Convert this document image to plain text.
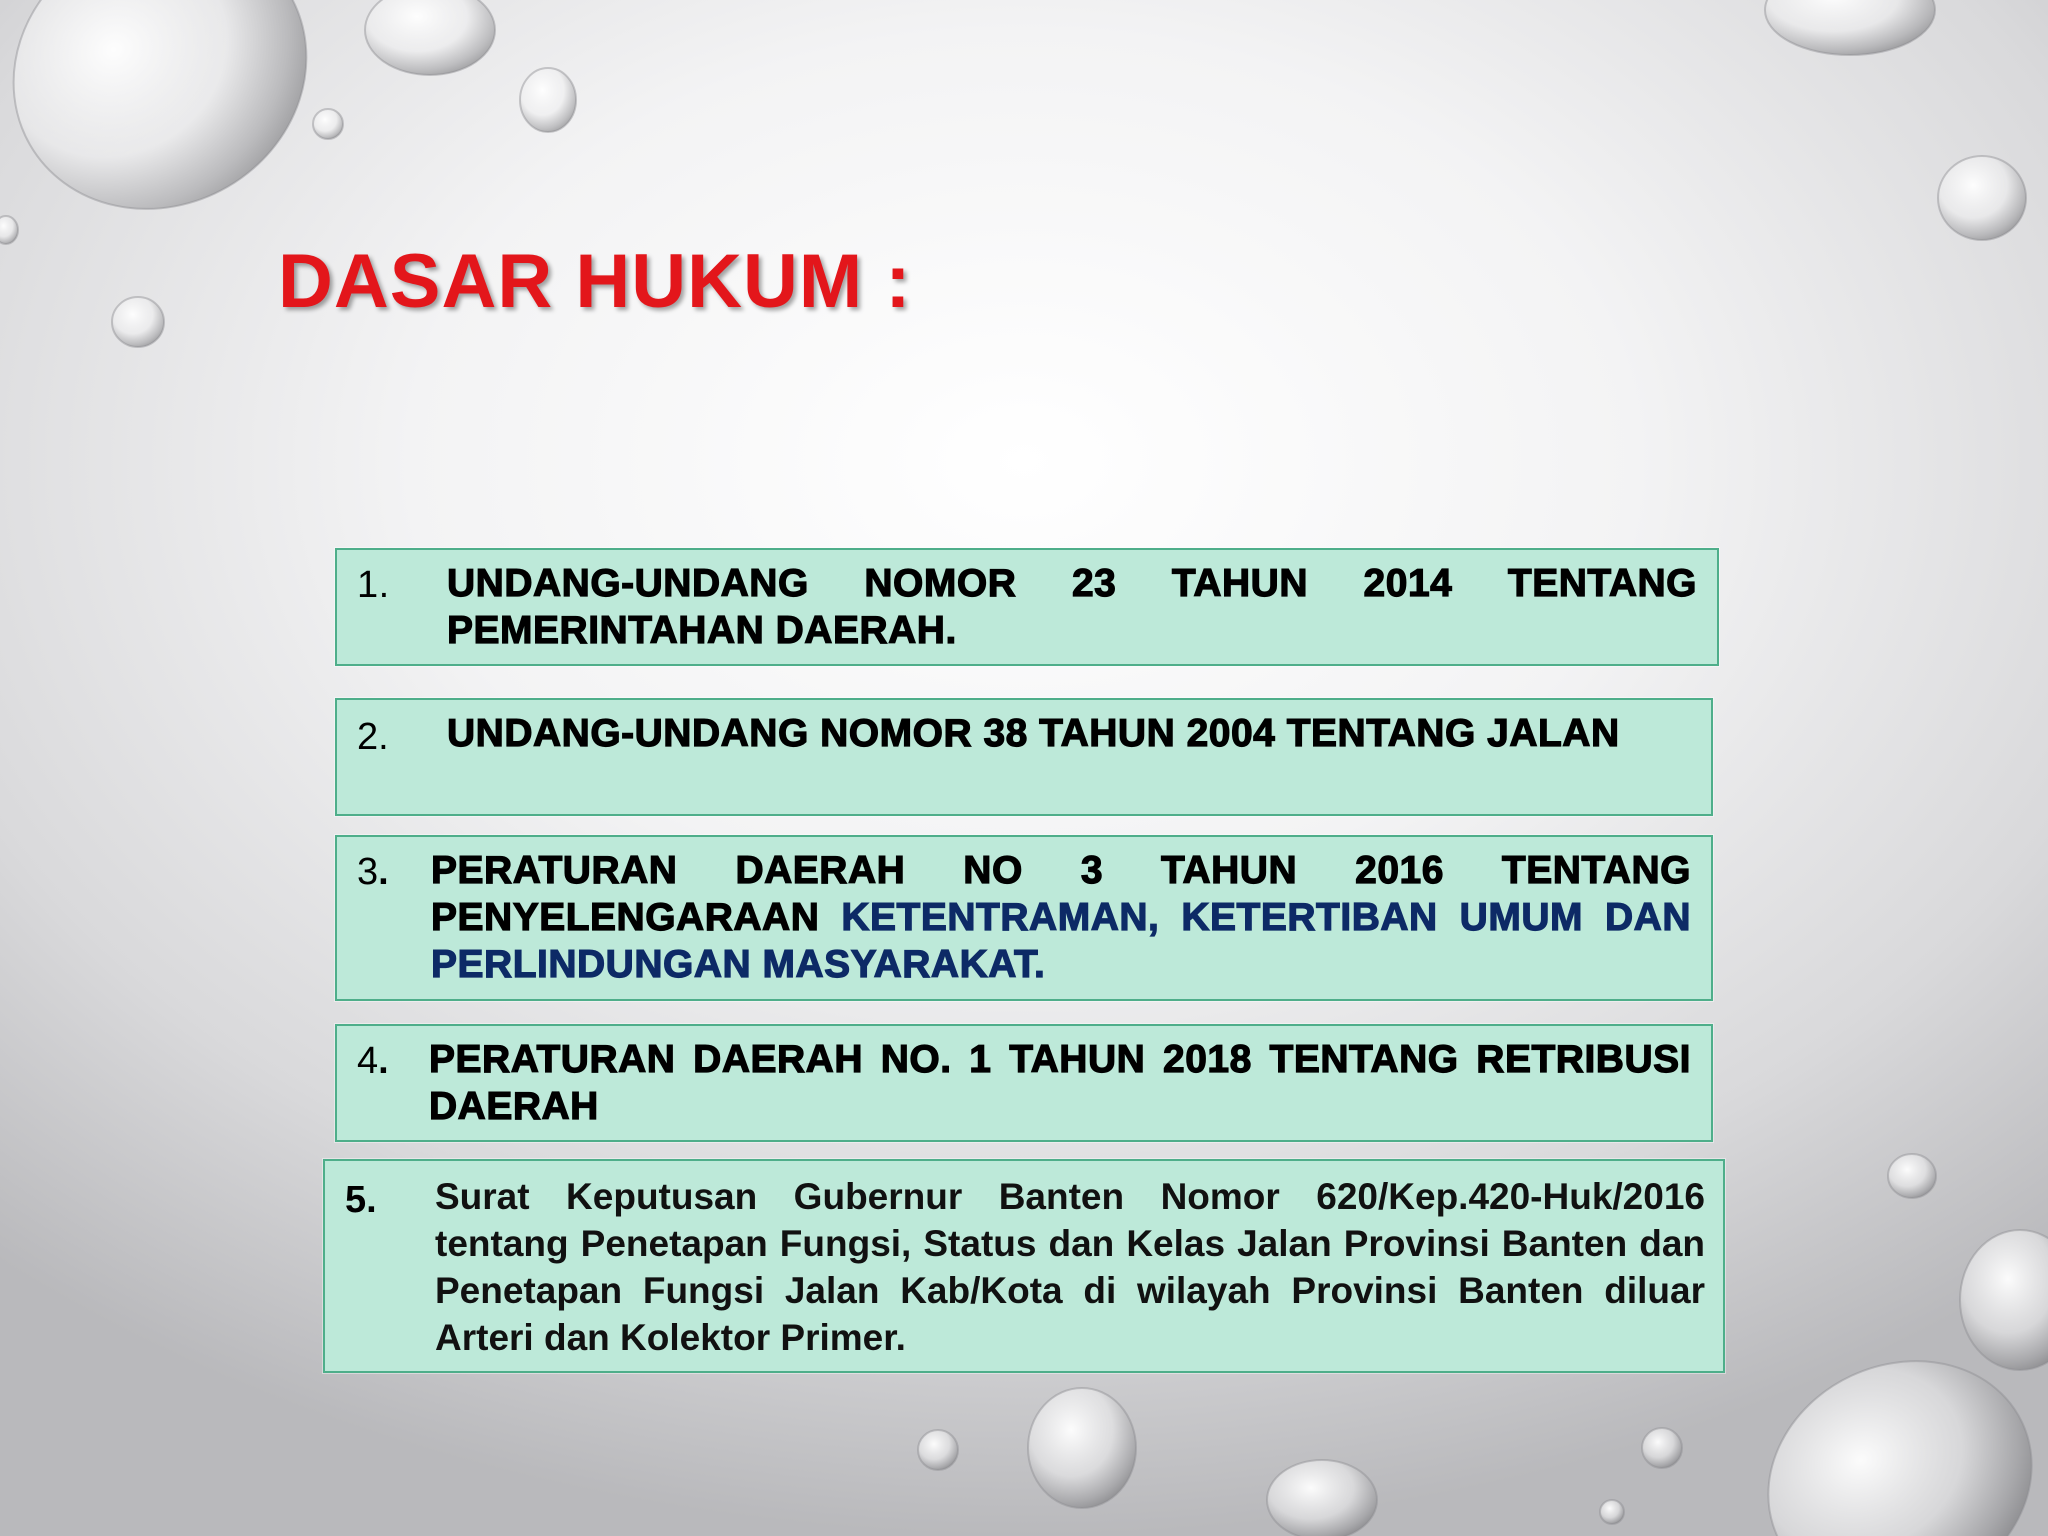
DASAR HUKUM :
1. UNDANG-UNDANG NOMOR 23 TAHUN 2014 TENTANG PEMERINTAHAN DAERAH.

2. UNDANG-UNDANG NOMOR 38 TAHUN 2004 TENTANG JALAN

3. PERATURAN DAERAH NO 3 TAHUN 2016 TENTANG PENYELENGARAAN KETENTRAMAN, KETERTIBAN UMUM DAN PERLINDUNGAN MASYARAKAT.

4. PERATURAN DAERAH NO. 1 TAHUN 2018 TENTANG RETRIBUSI DAERAH

5. Surat Keputusan Gubernur Banten Nomor 620/Kep.420-Huk/2016 tentang Penetapan Fungsi, Status dan Kelas Jalan Provinsi Banten dan Penetapan Fungsi Jalan Kab/Kota di wilayah Provinsi Banten diluar Arteri dan Kolektor Primer.
